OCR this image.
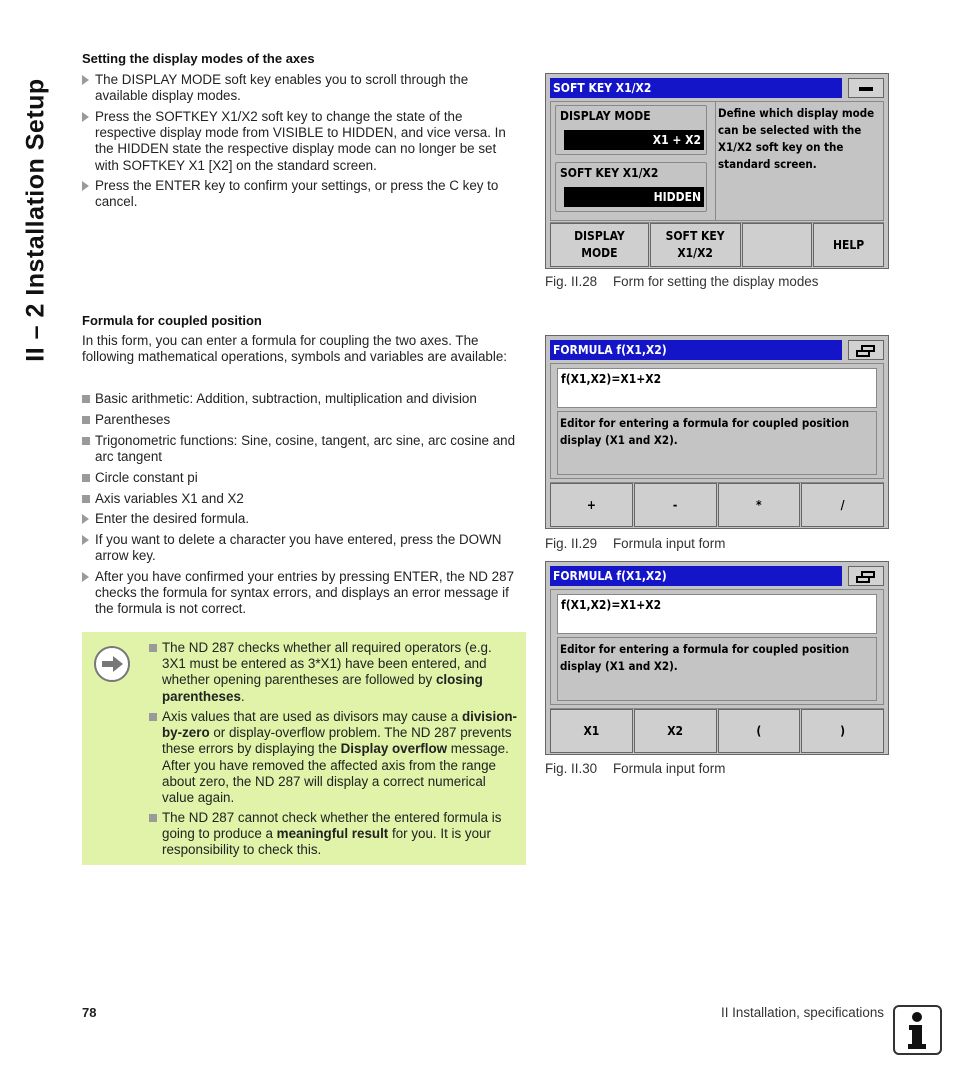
II – 2 Installation Setup
Setting the display modes of the axes
The DISPLAY MODE soft key enables you to scroll through the available display modes.
Press the SOFTKEY X1/X2 soft key to change the state of the respective display mode from VISIBLE to HIDDEN, and vice versa. In the HIDDEN state the respective display mode can no longer be set with SOFTKEY X1 [X2] on the standard screen.
Press the ENTER key to confirm your settings, or press the C key to cancel.
Formula for coupled position
In this form, you can enter a formula for coupling the two axes. The following mathematical operations, symbols and variables are available:
Basic arithmetic: Addition, subtraction, multiplication and division
Parentheses
Trigonometric functions: Sine, cosine, tangent, arc sine, arc cosine and arc tangent
Circle constant pi
Axis variables X1 and X2
Enter the desired formula.
If you want to delete a character you have entered, press the DOWN arrow key.
After you have confirmed your entries by pressing ENTER, the ND 287 checks the formula for syntax errors, and displays an error message if the formula is not correct.
The ND 287 checks whether all required operators (e.g. 3X1 must be entered as 3*X1) have been entered, and whether opening parentheses are followed by closing parentheses.
Axis values that are used as divisors may cause a division-by-zero or display-overflow problem. The ND 287 prevents these errors by displaying the Display overflow message. After you have removed the affected axis from the range about zero, the ND 287 will display a correct numerical value again.
The ND 287 cannot check whether the entered formula is going to produce a meaningful result for you. It is your responsibility to check this.
SOFT KEY X1/X2
DISPLAY MODE
X1 + X2
SOFT KEY X1/X2
HIDDEN
Define which display mode can be selected with the X1/X2 soft key on the standard screen.
DISPLAY MODE
SOFT KEY X1/X2
HELP
Fig. II.28 Form for setting the display modes
FORMULA f(X1,X2)
f(X1,X2)=X1+X2
Editor for entering a formula for coupled position display (X1 and X2).
+	-	*	/
Fig. II.29 Formula input form
FORMULA f(X1,X2)
f(X1,X2)=X1+X2
Editor for entering a formula for coupled position display (X1 and X2).
X1	X2	(	)
Fig. II.30 Formula input form
78	II Installation, specifications
